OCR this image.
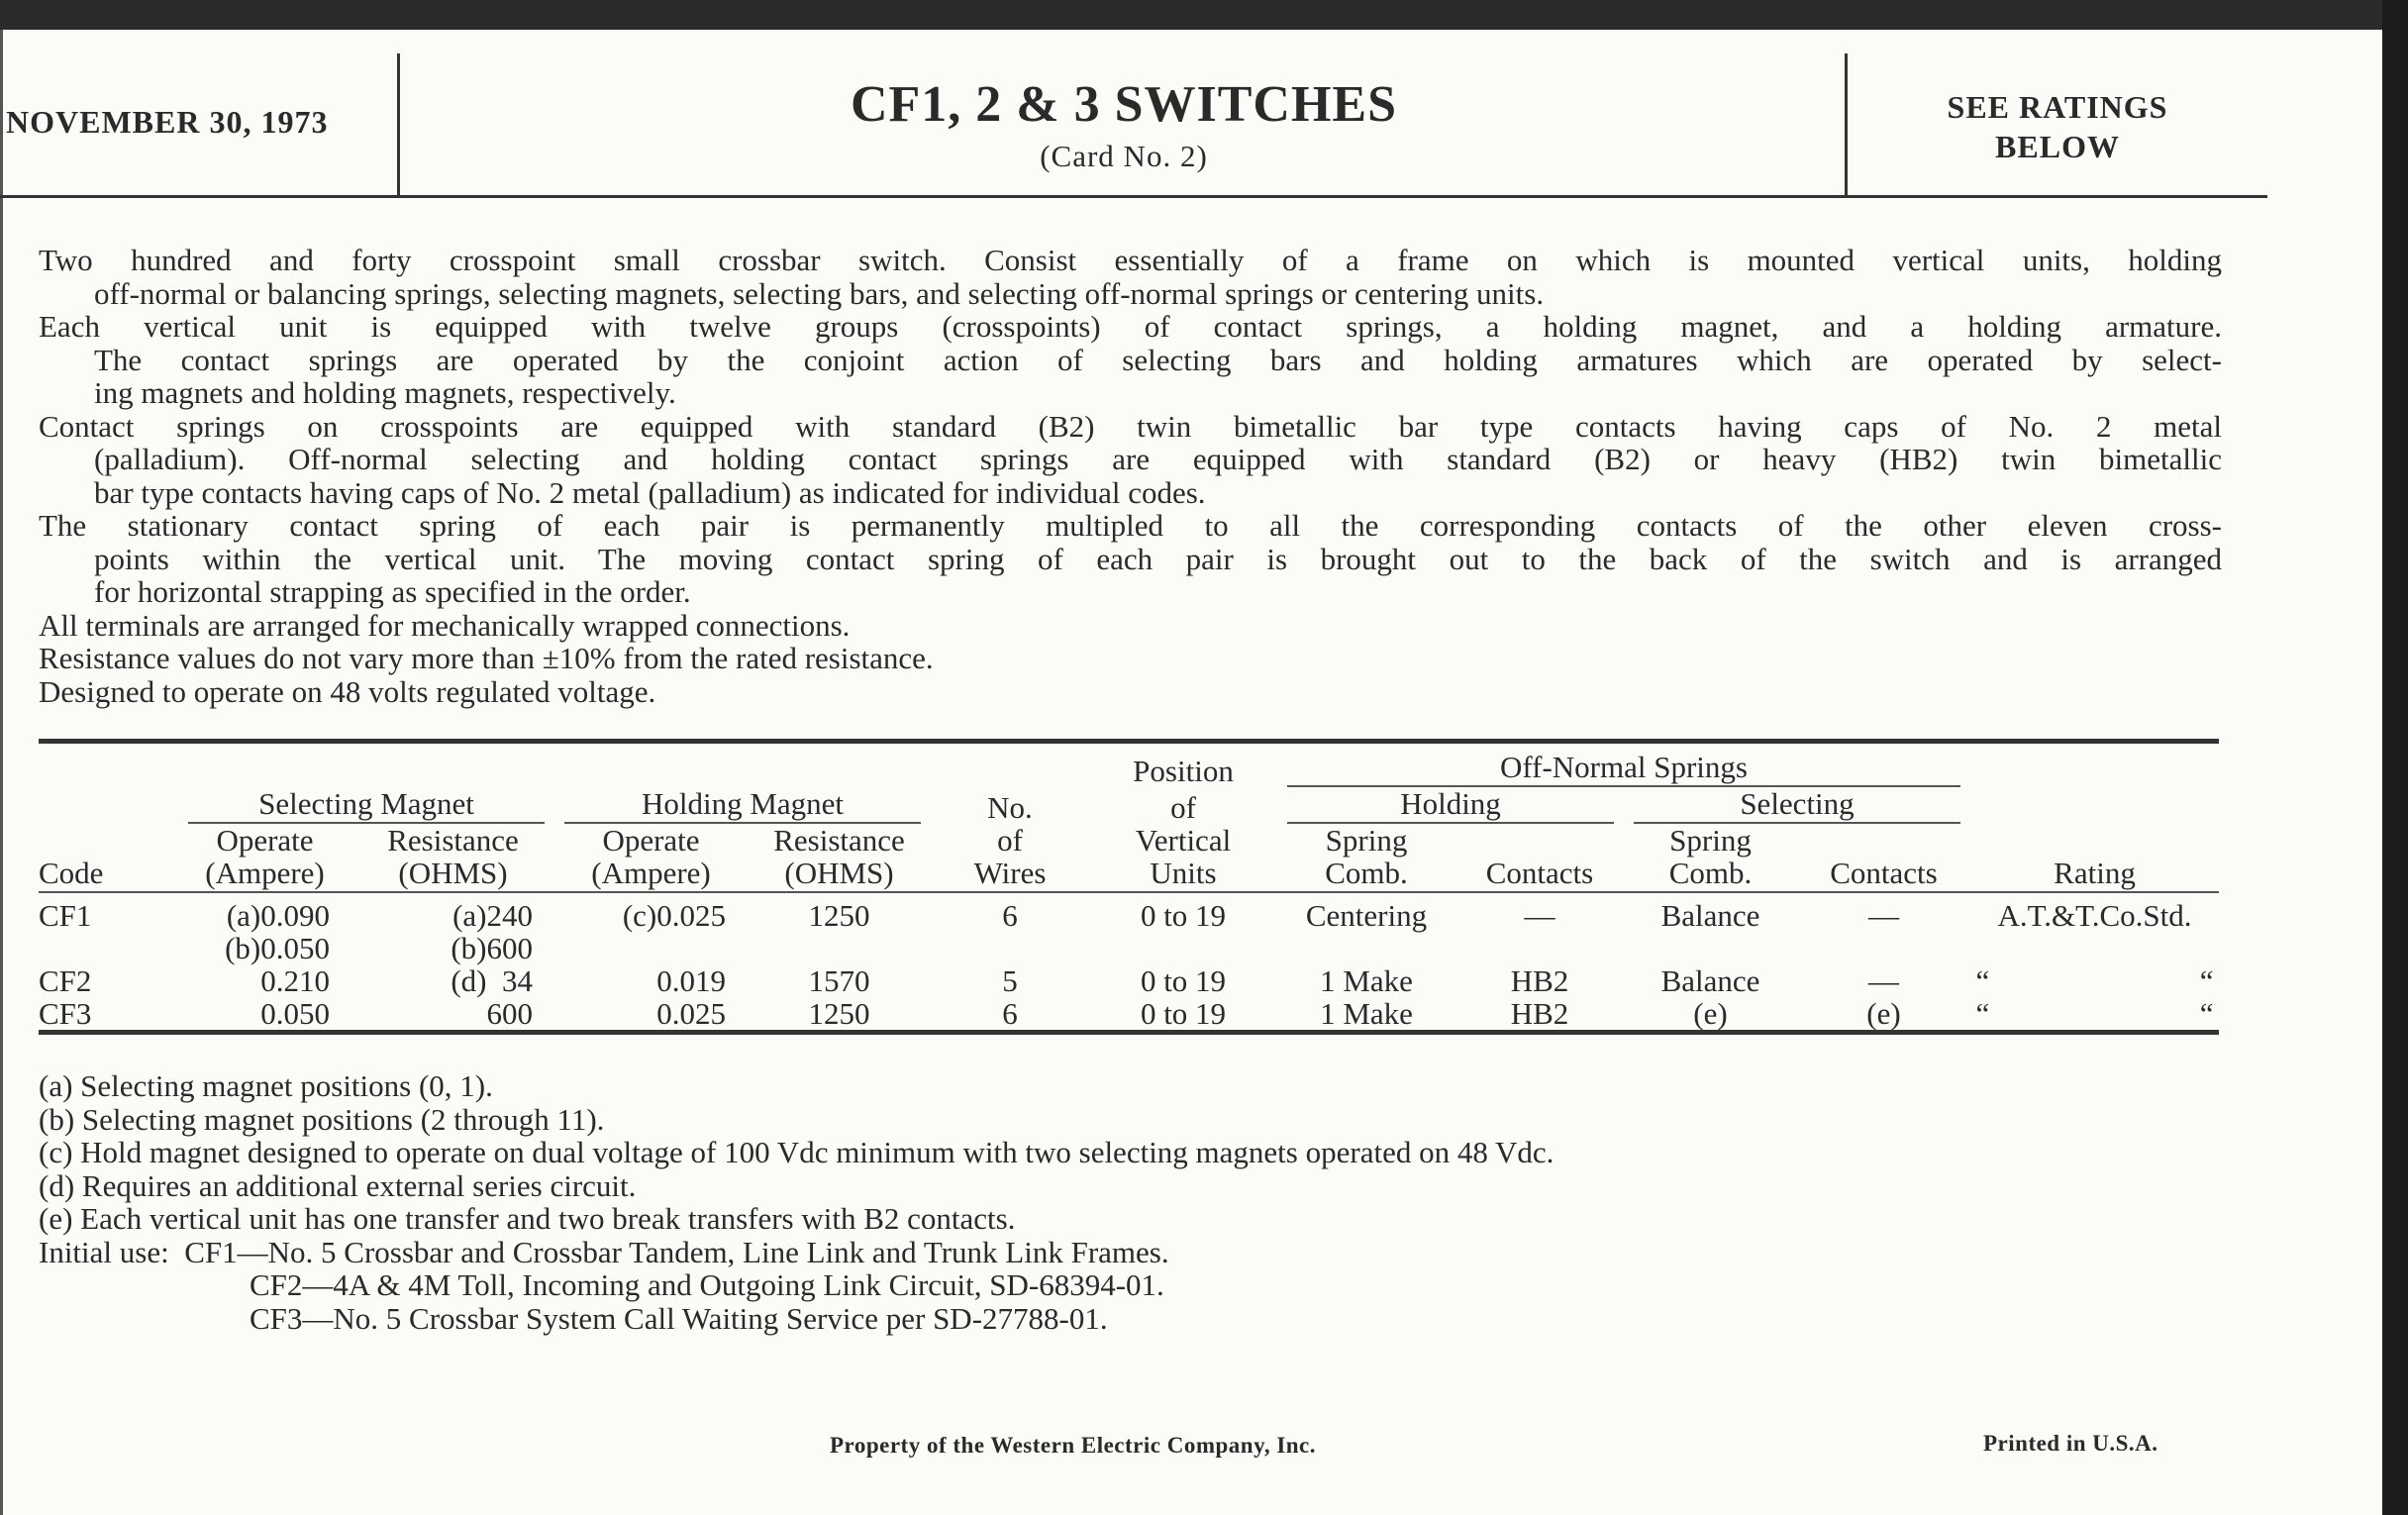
NOVEMBER 30, 1973	CF1, 2 & 3 SWITCHES
(Card No. 2)
SEE RATINGS
BELOW
Two hundred and forty crosspoint small crossbar switch. Consist essentially of a frame on which is mounted vertical units, holding
off-normal or balancing springs, selecting magnets, selecting bars, and selecting off-normal springs or centering units.
Each vertical unit is equipped with twelve groups (crosspoints) of contact springs, a holding magnet, and a holding armature.
The contact springs are operated by the conjoint action of selecting bars and holding armatures which are operated by select-
ing magnets and holding magnets, respectively.
Contact springs on crosspoints are equipped with standard (B2) twin bimetallic bar type contacts having caps of No. 2 metal
(palladium). Off-normal selecting and holding contact springs are equipped with standard (B2) or heavy (HB2) twin bimetallic
bar type contacts having caps of No. 2 metal (palladium) as indicated for individual codes.
The stationary contact spring of each pair is permanently multipled to all the corresponding contacts of the other eleven cross-
points within the vertical unit. The moving contact spring of each pair is brought out to the back of the switch and is arranged
for horizontal strapping as specified in the order.
All terminals are arranged for mechanically wrapped connections.
Resistance values do not vary more than ±10% from the rated resistance.
Designed to operate on 48 volts regulated voltage.
						Position	Off-Normal Springs				

	Selecting Magnet		Holding Magnet		No.	of	Holding		Selecting		

	Operate	Resistance	Operate	Resistance	of	Vertical	Spring		Spring		
Code	(Ampere)	(OHMS)	(Ampere)	(OHMS)	Wires	Units	Comb.	Contacts	Comb.	Contacts	Rating
CF1	(a)0.090	(a)240	(c)0.025	1250	6	0 to 19	Centering	—	Balance	—	A.T.&T.Co.Std.
	(b)0.050	(b)600									
CF2	0.210	(d)  34	0.019	1570	5	0 to 19	1 Make	HB2	Balance	—	“ “
CF3	0.050	600	0.025	1250	6	0 to 19	1 Make	HB2	(e)	(e)	“ “
(a) Selecting magnet positions (0, 1).
(b) Selecting magnet positions (2 through 11).
(c) Hold magnet designed to operate on dual voltage of 100 Vdc minimum with two selecting magnets operated on 48 Vdc.
(d) Requires an additional external series circuit.
(e) Each vertical unit has one transfer and two break transfers with B2 contacts.
Initial use: CF1—No. 5 Crossbar and Crossbar Tandem, Line Link and Trunk Link Frames.
CF2—4A & 4M Toll, Incoming and Outgoing Link Circuit, SD-68394-01.
CF3—No. 5 Crossbar System Call Waiting Service per SD-27788-01.
Property of the Western Electric Company, Inc.	Printed in U.S.A.
